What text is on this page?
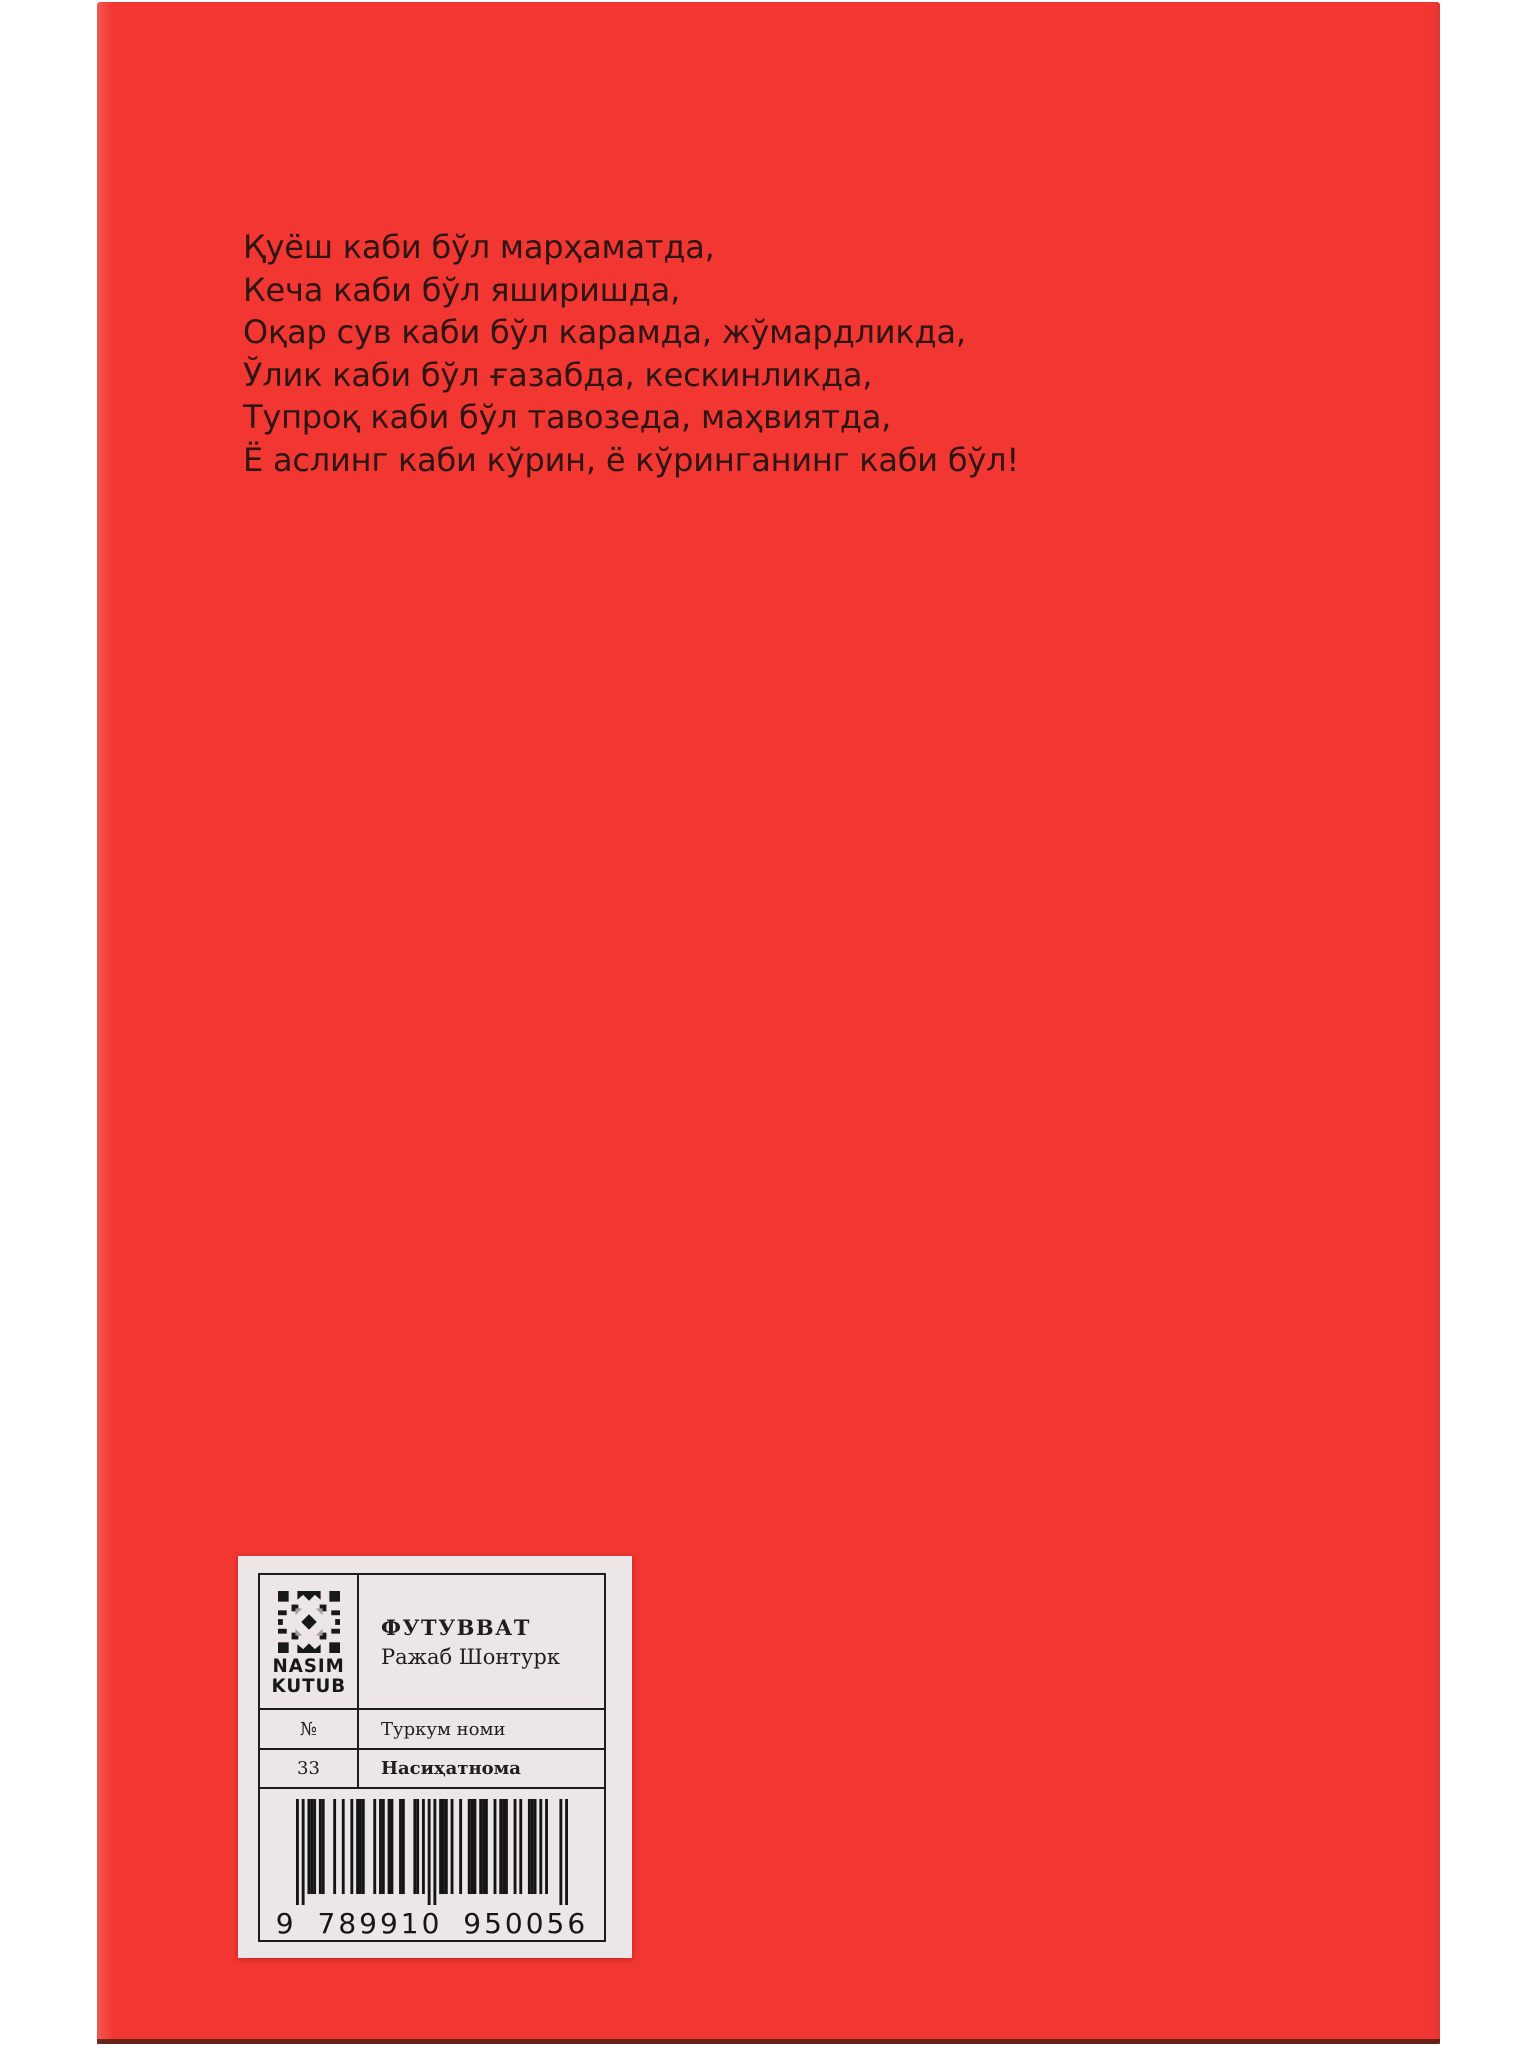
Қуёш каби бўл марҳаматда,
Кеча каби бўл яширишда,
Оқар сув каби бўл карамда, жўмардликда,
Ўлик каби бўл ғазабда, кескинликда,
Тупроқ каби бўл тавозеда, маҳвиятда,
Ё аслинг каби кўрин, ё кўринганинг каби бўл!
NASIM
KUTUB
ФУТУВВАТ
Ражаб Шонтурк
№	Туркум номи
33	Насиҳатнома
9 789910 950056
